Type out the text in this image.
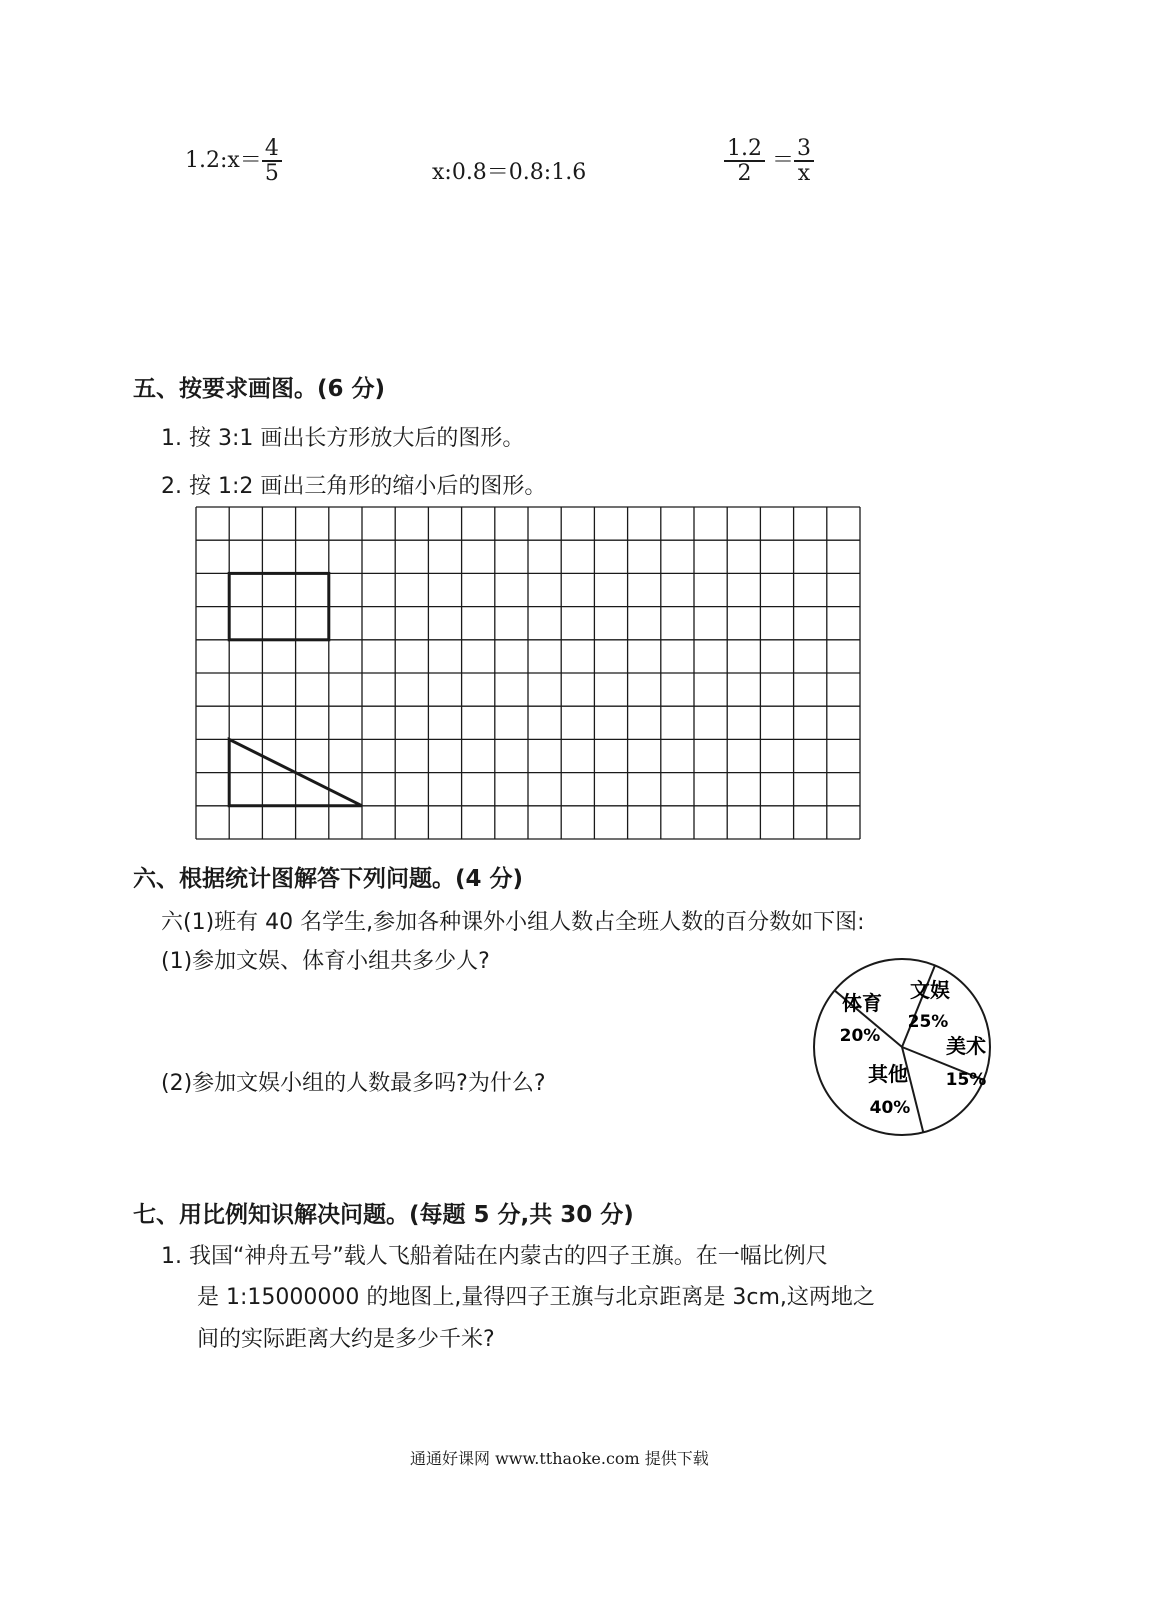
1.2:x＝ $\frac{4}{5}$	x:0.8＝0.8:1.6	$\frac{1.2}{2} = \frac{3}{x}$
五、按要求画图。(6 分)
1. 按 3:1 画出长方形放大后的图形。
2. 按 1:2 画出三角形的缩小后的图形。
六、根据统计图解答下列问题。(4 分)
六(1)班有 40 名学生,参加各种课外小组人数占全班人数的百分数如下图:
(1)参加文娱、体育小组共多少人?
(2)参加文娱小组的人数最多吗?为什么?
文娱
25%
美术
15%
其他
40%
体育
20%
七、用比例知识解决问题。(每题 5 分,共 30 分)
1. 我国“神舟五号”载人飞船着陆在内蒙古的四子王旗。在一幅比例尺
是 1:15000000 的地图上,量得四子王旗与北京距离是 3cm,这两地之
间的实际距离大约是多少千米?
通通好课网 www.tthaoke.com 提供下载
